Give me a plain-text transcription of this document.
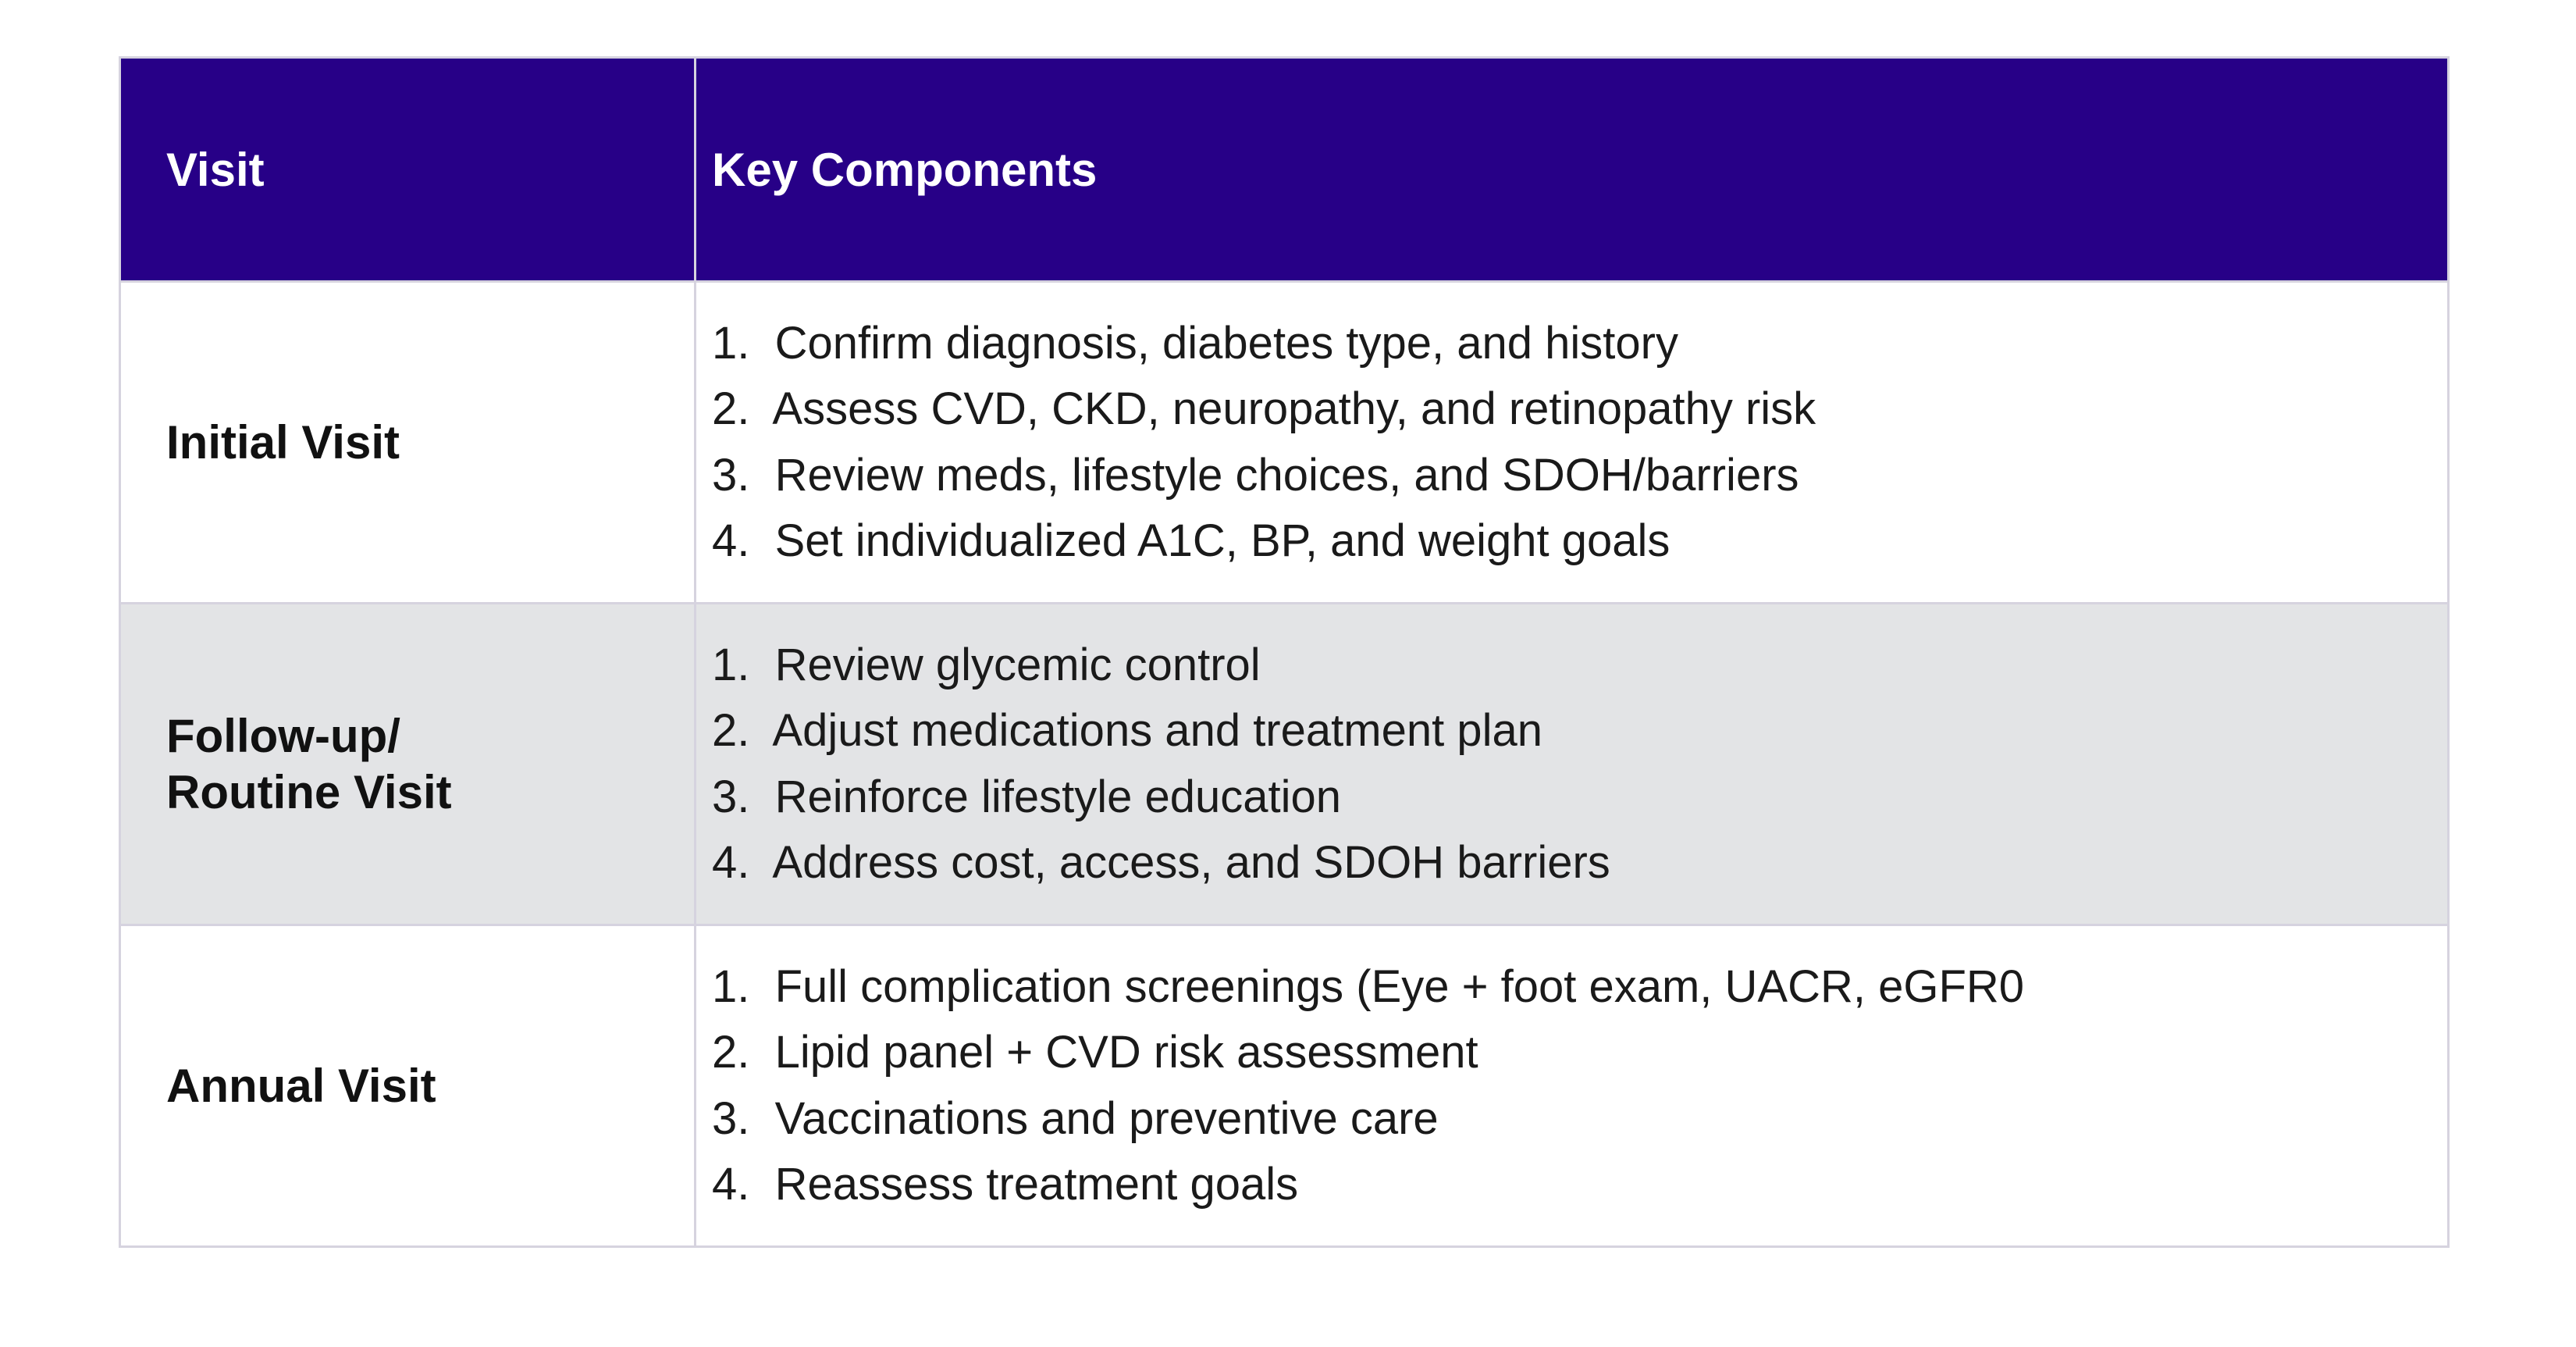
Visit	Key Components
Initial Visit
1.  Confirm diagnosis, diabetes type, and history
2.  Assess CVD, CKD, neuropathy, and retinopathy risk
3.  Review meds, lifestyle choices, and SDOH/barriers
4.  Set individualized A1C, BP, and weight goals
Follow-up/
Routine Visit
1.  Review glycemic control
2.  Adjust medications and treatment plan
3.  Reinforce lifestyle education
4.  Address cost, access, and SDOH barriers
Annual Visit
1.  Full complication screenings (Eye + foot exam, UACR, eGFR0
2.  Lipid panel + CVD risk assessment
3.  Vaccinations and preventive care
4.  Reassess treatment goals
